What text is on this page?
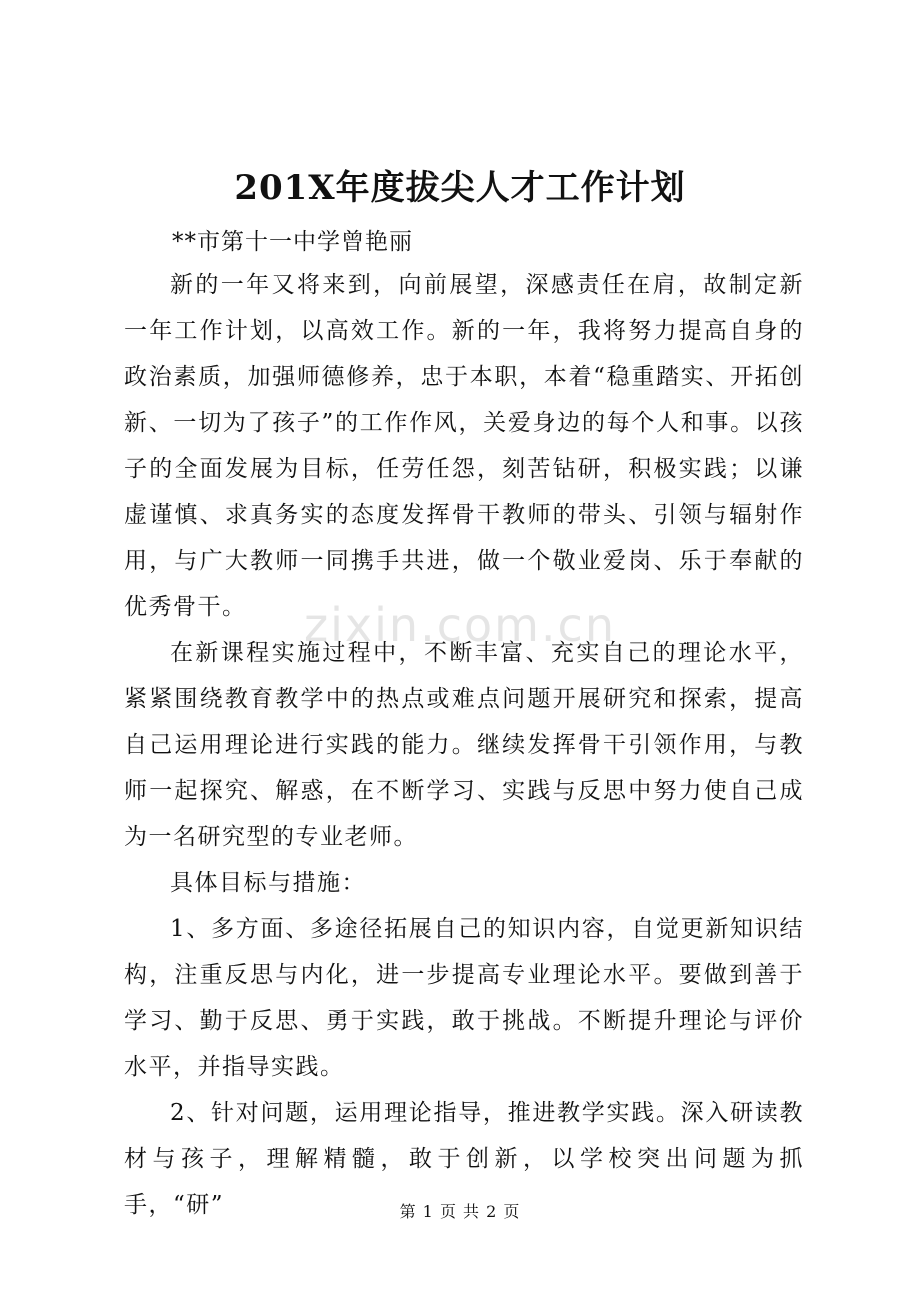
201X年度拔尖人才工作计划
**市第十一中学曾艳丽

新的一年又将来到，向前展望，深感责任在肩，故制定新一年工作计划，以高效工作。新的一年，我将努力提高自身的政治素质，加强师德修养，忠于本职，本着“稳重踏实、开拓创新、一切为了孩子”的工作作风，关爱身边的每个人和事。以孩子的全面发展为目标，任劳任怨，刻苦钻研，积极实践；以谦虚谨慎、求真务实的态度发挥骨干教师的带头、引领与辐射作用，与广大教师一同携手共进，做一个敬业爱岗、乐于奉献的优秀骨干。

在新课程实施过程中，不断丰富、充实自己的理论水平，紧紧围绕教育教学中的热点或难点问题开展研究和探索，提高自己运用理论进行实践的能力。继续发挥骨干引领作用，与教师一起探究、解惑，在不断学习、实践与反思中努力使自己成为一名研究型的专业老师。

具体目标与措施：

1、多方面、多途径拓展自己的知识内容，自觉更新知识结构，注重反思与内化，进一步提高专业理论水平。要做到善于学习、勤于反思、勇于实践，敢于挑战。不断提升理论与评价水平，并指导实践。

2、针对问题，运用理论指导，推进教学实践。深入研读教材与孩子，理解精髓，敢于创新，以学校突出问题为抓手，“研”

zixin.com.cn
第 1 页 共 2 页
